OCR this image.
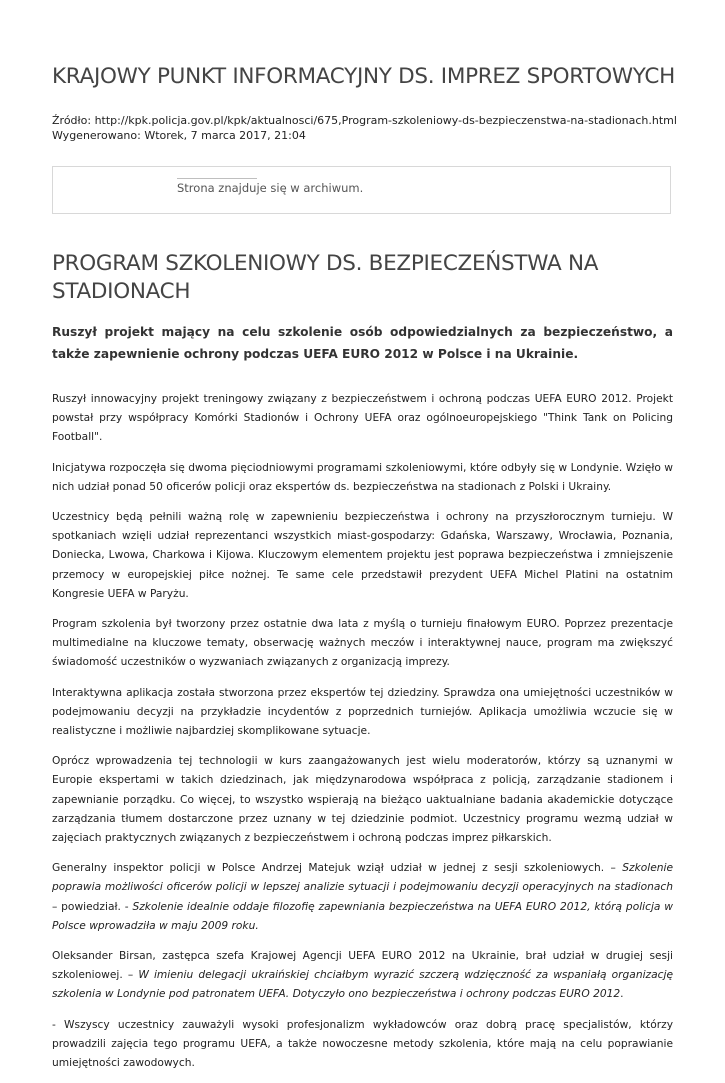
KRAJOWY PUNKT INFORMACYJNY DS. IMPREZ SPORTOWYCH
Źródło: http://kpk.policja.gov.pl/kpk/aktualnosci/675,Program-szkoleniowy-ds-bezpieczenstwa-na-stadionach.html
Wygenerowano: Wtorek, 7 marca 2017, 21:04
Strona znajduje się w archiwum.
PROGRAM SZKOLENIOWY DS. BEZPIECZEŃSTWA NA STADIONACH

Ruszył projekt mający na celu szkolenie osób odpowiedzialnych za bezpieczeństwo, a także zapewnienie ochrony podczas UEFA EURO 2012 w Polsce i na Ukrainie.

Ruszył innowacyjny projekt treningowy związany z bezpieczeństwem i ochroną podczas UEFA EURO 2012. Projekt powstał przy współpracy Komórki Stadionów i Ochrony UEFA oraz ogólnoeuropejskiego "Think Tank on Policing Football".

Inicjatywa rozpoczęła się dwoma pięciodniowymi programami szkoleniowymi, które odbyły się w Londynie. Wzięło w nich udział ponad 50 oficerów policji oraz ekspertów ds. bezpieczeństwa na stadionach z Polski i Ukrainy.

Uczestnicy będą pełnili ważną rolę w zapewnieniu bezpieczeństwa i ochrony na przyszłorocznym turnieju. W spotkaniach wzięli udział reprezentanci wszystkich miast-gospodarzy: Gdańska, Warszawy, Wrocławia, Poznania, Doniecka, Lwowa, Charkowa i Kijowa. Kluczowym elementem projektu jest poprawa bezpieczeństwa i zmniejszenie przemocy w europejskiej piłce nożnej. Te same cele przedstawił prezydent UEFA Michel Platini na ostatnim Kongresie UEFA w Paryżu.

Program szkolenia był tworzony przez ostatnie dwa lata z myślą o turnieju finałowym EURO. Poprzez prezentacje multimedialne na kluczowe tematy, obserwację ważnych meczów i interaktywnej nauce, program ma zwiększyć świadomość uczestników o wyzwaniach związanych z organizacją imprezy.

Interaktywna aplikacja została stworzona przez ekspertów tej dziedziny. Sprawdza ona umiejętności uczestników w podejmowaniu decyzji na przykładzie incydentów z poprzednich turniejów. Aplikacja umożliwia wczucie się w realistyczne i możliwie najbardziej skomplikowane sytuacje.

Oprócz wprowadzenia tej technologii w kurs zaangażowanych jest wielu moderatorów, którzy są uznanymi w Europie ekspertami w takich dziedzinach, jak międzynarodowa współpraca z policją, zarządzanie stadionem i zapewnianie porządku. Co więcej, to wszystko wspierają na bieżąco uaktualniane badania akademickie dotyczące zarządzania tłumem dostarczone przez uznany w tej dziedzinie podmiot. Uczestnicy programu wezmą udział w zajęciach praktycznych związanych z bezpieczeństwem i ochroną podczas imprez piłkarskich.

Generalny inspektor policji w Polsce Andrzej Matejuk wziął udział w jednej z sesji szkoleniowych. – Szkolenie poprawia możliwości oficerów policji w lepszej analizie sytuacji i podejmowaniu decyzji operacyjnych na stadionach – powiedział. - Szkolenie idealnie oddaje filozofię zapewniania bezpieczeństwa na UEFA EURO 2012, którą policja w Polsce wprowadziła w maju 2009 roku.

Oleksander Birsan, zastępca szefa Krajowej Agencji UEFA EURO 2012 na Ukrainie, brał udział w drugiej sesji szkoleniowej. – W imieniu delegacji ukraińskiej chciałbym wyrazić szczerą wdzięczność za wspaniałą organizację szkolenia w Londynie pod patronatem UEFA. Dotyczyło ono bezpieczeństwa i ochrony podczas EURO 2012.

- Wszyscy uczestnicy zauważyli wysoki profesjonalizm wykładowców oraz dobrą pracę specjalistów, którzy prowadzili zajęcia tego programu UEFA, a także nowoczesne metody szkolenia, które mają na celu poprawianie umiejętności zawodowych.
